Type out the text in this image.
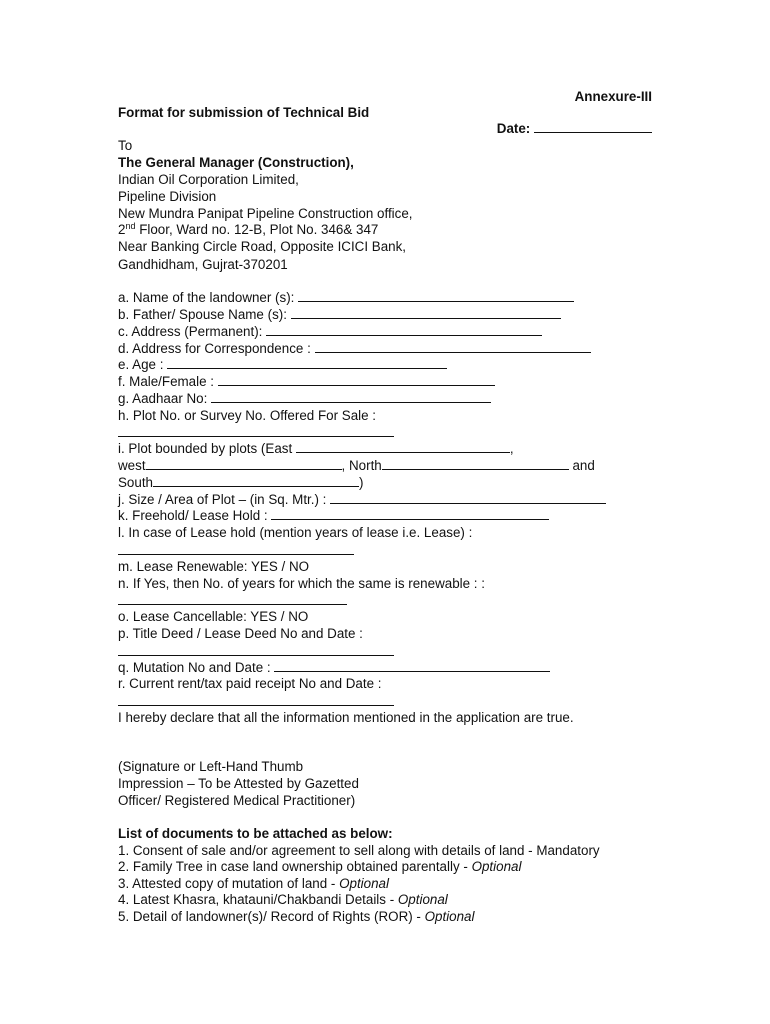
Annexure-III
Format for submission of Technical Bid
Date:
To
The General Manager (Construction),
Indian Oil Corporation Limited,
Pipeline Division
New Mundra Panipat Pipeline Construction office,
2nd Floor, Ward no. 12-B, Plot No. 346& 347
Near Banking Circle Road, Opposite ICICI Bank,
Gandhidham, Gujrat-370201
a. Name of the landowner (s):
b. Father/ Spouse Name (s):
c. Address (Permanent):
d. Address for Correspondence :
e. Age :
f. Male/Female :
g. Aadhaar No:
h. Plot No. or Survey No. Offered For Sale :
i. Plot bounded by plots (East	,
west	, North	and
South	)
j. Size / Area of Plot – (in Sq. Mtr.) :
k. Freehold/ Lease Hold :
l. In case of Lease hold (mention years of lease i.e. Lease) :
m. Lease Renewable: YES / NO
n. If Yes, then No. of years for which the same is renewable : :
o. Lease Cancellable: YES / NO
p. Title Deed / Lease Deed No and Date :
q. Mutation No and Date :
r. Current rent/tax paid receipt No and Date :
I hereby declare that all the information mentioned in the application are true.
(Signature or Left-Hand Thumb
Impression – To be Attested by Gazetted
Officer/ Registered Medical Practitioner)
List of documents to be attached as below:
1. Consent of sale and/or agreement to sell along with details of land - Mandatory
2. Family Tree in case land ownership obtained parentally - Optional
3. Attested copy of mutation of land - Optional
4. Latest Khasra, khatauni/Chakbandi Details - Optional
5. Detail of landowner(s)/ Record of Rights (ROR) - Optional
